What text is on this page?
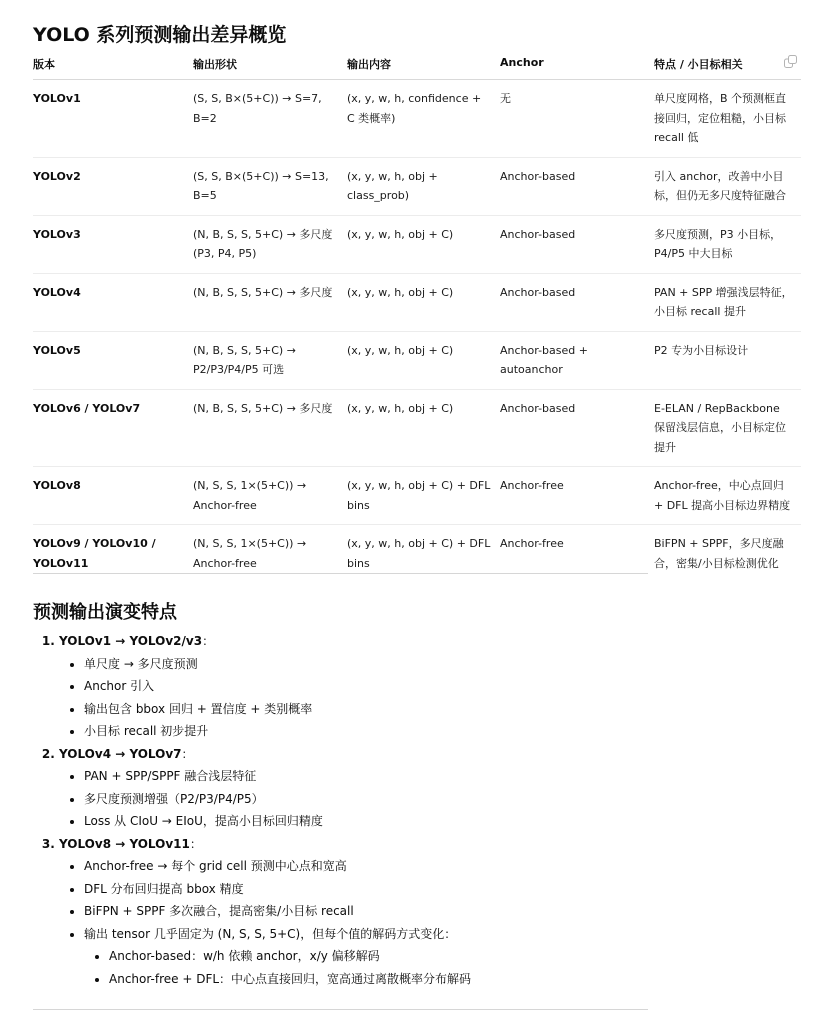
YOLO 系列预测输出差异概览
版本	输出形状	输出内容	Anchor	特点 / 小目标相关

YOLOv1	(S, S, B×(5+C)) → S=7, B=2	(x, y, w, h, confidence + C 类概率)	无	单尺度网格，B 个预测框直接回归，定位粗糙，小目标 recall 低
YOLOv2	(S, S, B×(5+C)) → S=13, B=5	(x, y, w, h, obj + class_prob)	Anchor-based	引入 anchor，改善中小目标，但仍无多尺度特征融合
YOLOv3	(N, B, S, S, 5+C) → 多尺度 (P3, P4, P5)	(x, y, w, h, obj + C)	Anchor-based	多尺度预测，P3 小目标，P4/P5 中大目标
YOLOv4	(N, B, S, S, 5+C) → 多尺度	(x, y, w, h, obj + C)	Anchor-based	PAN + SPP 增强浅层特征，小目标 recall 提升
YOLOv5	(N, B, S, S, 5+C) → P2/P3/P4/P5 可选	(x, y, w, h, obj + C)	Anchor-based + autoanchor	P2 专为小目标设计
YOLOv6 / YOLOv7	(N, B, S, S, 5+C) → 多尺度	(x, y, w, h, obj + C)	Anchor-based	E-ELAN / RepBackbone 保留浅层信息，小目标定位提升
YOLOv8	(N, S, S, 1×(5+C)) → Anchor-free	(x, y, w, h, obj + C) + DFL bins	Anchor-free	Anchor-free，中心点回归 + DFL 提高小目标边界精度
YOLOv9 / YOLOv10 / YOLOv11	(N, S, S, 1×(5+C)) → Anchor-free	(x, y, w, h, obj + C) + DFL bins	Anchor-free	BiFPN + SPPF，多尺度融合，密集/小目标检测优化
预测输出演变特点
1. YOLOv1 → YOLOv2/v3：
• 单尺度 → 多尺度预测
• Anchor 引入
• 输出包含 bbox 回归 + 置信度 + 类别概率
• 小目标 recall 初步提升
2. YOLOv4 → YOLOv7：
• PAN + SPP/SPPF 融合浅层特征
• 多尺度预测增强（P2/P3/P4/P5）
• Loss 从 CIoU → EIoU，提高小目标回归精度
3. YOLOv8 → YOLOv11：
• Anchor-free → 每个 grid cell 预测中心点和宽高
• DFL 分布回归提高 bbox 精度
• BiFPN + SPPF 多次融合，提高密集/小目标 recall
• 输出 tensor 几乎固定为 (N, S, S, 5+C)，但每个值的解码方式变化：
• Anchor-based：w/h 依赖 anchor，x/y 偏移解码
• Anchor-free + DFL：中心点直接回归，宽高通过离散概率分布解码
